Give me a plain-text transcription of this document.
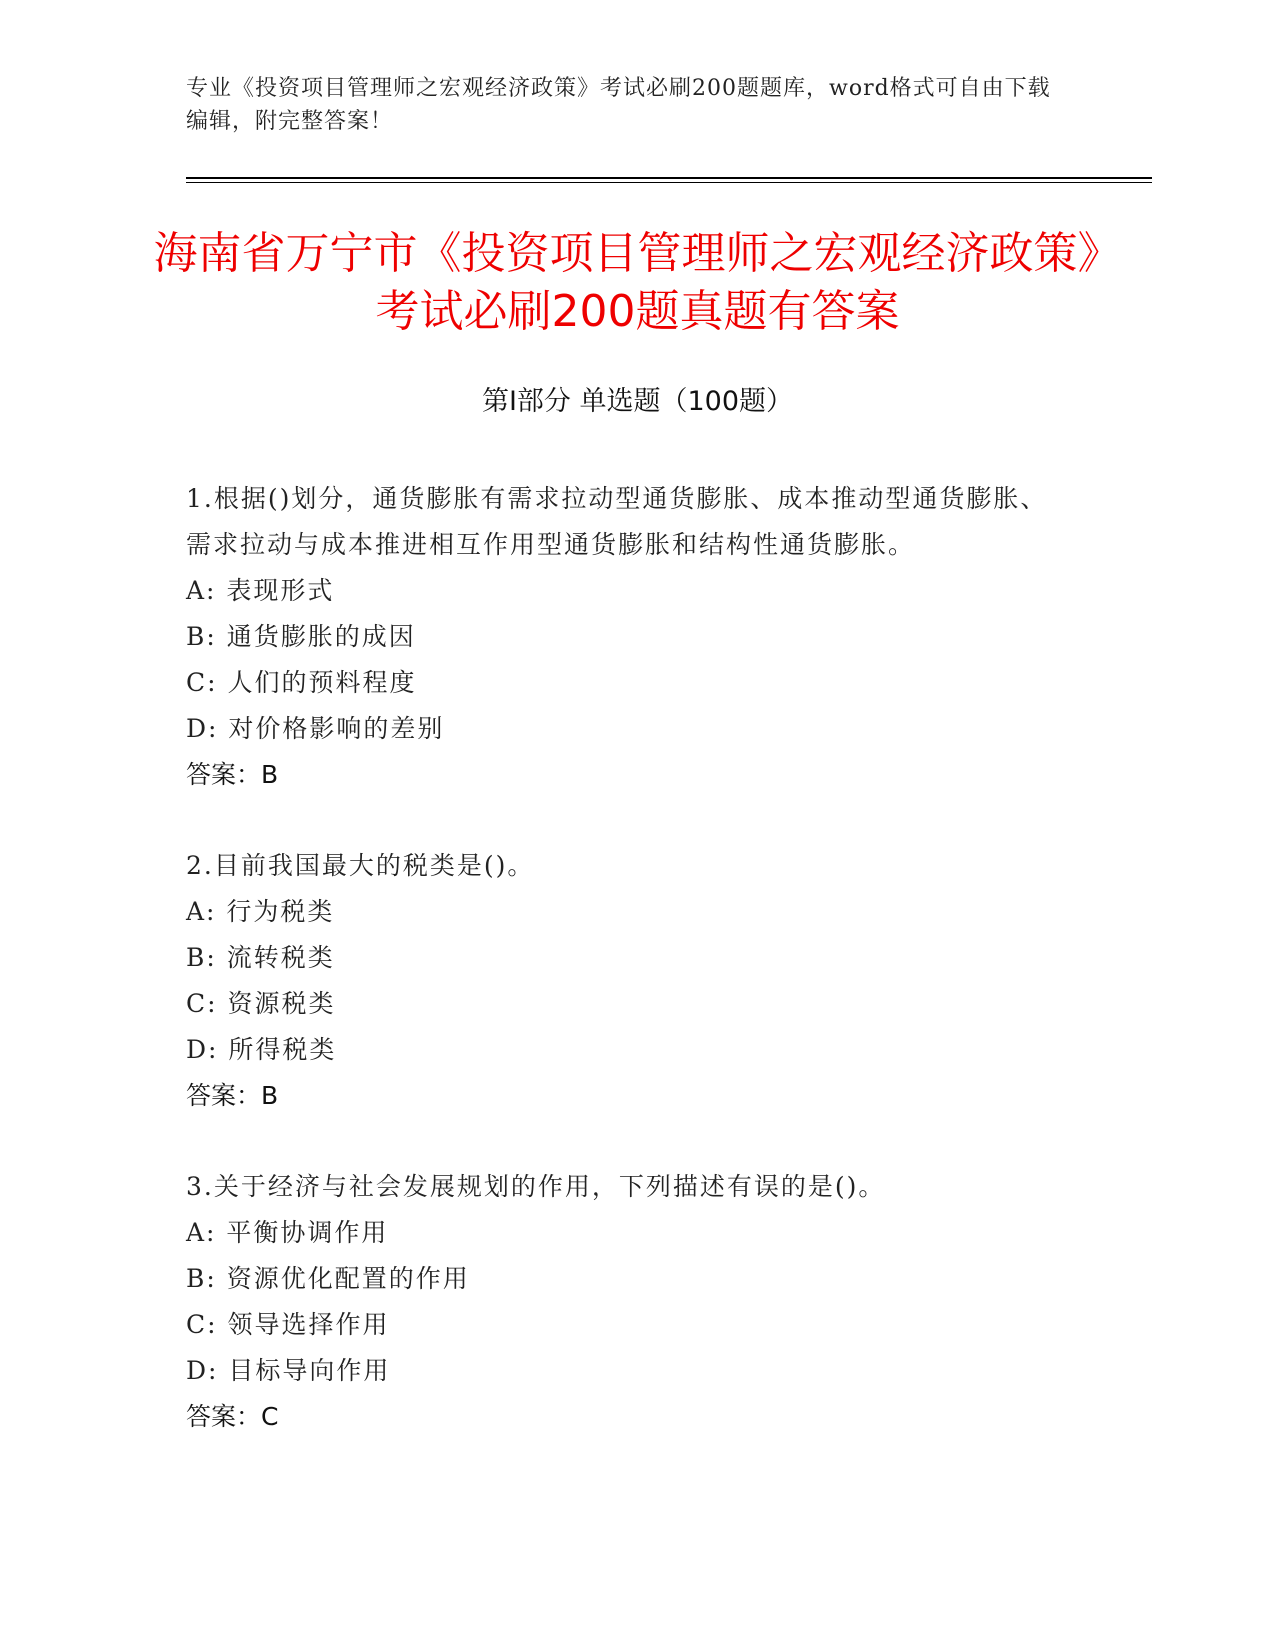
专业《投资项目管理师之宏观经济政策》考试必刷200题题库，word格式可自由下载编辑，附完整答案！
海南省万宁市《投资项目管理师之宏观经济政策》考试必刷200题真题有答案
第Ⅰ部分 单选题（100题）
1.根据()划分，通货膨胀有需求拉动型通货膨胀、成本推动型通货膨胀、需求拉动与成本推进相互作用型通货膨胀和结构性通货膨胀。
A: 表现形式
B: 通货膨胀的成因
C: 人们的预料程度
D: 对价格影响的差别
答案：B
2.目前我国最大的税类是()。
A: 行为税类
B: 流转税类
C: 资源税类
D: 所得税类
答案：B
3.关于经济与社会发展规划的作用，下列描述有误的是()。
A: 平衡协调作用
B: 资源优化配置的作用
C: 领导选择作用
D: 目标导向作用
答案：C
